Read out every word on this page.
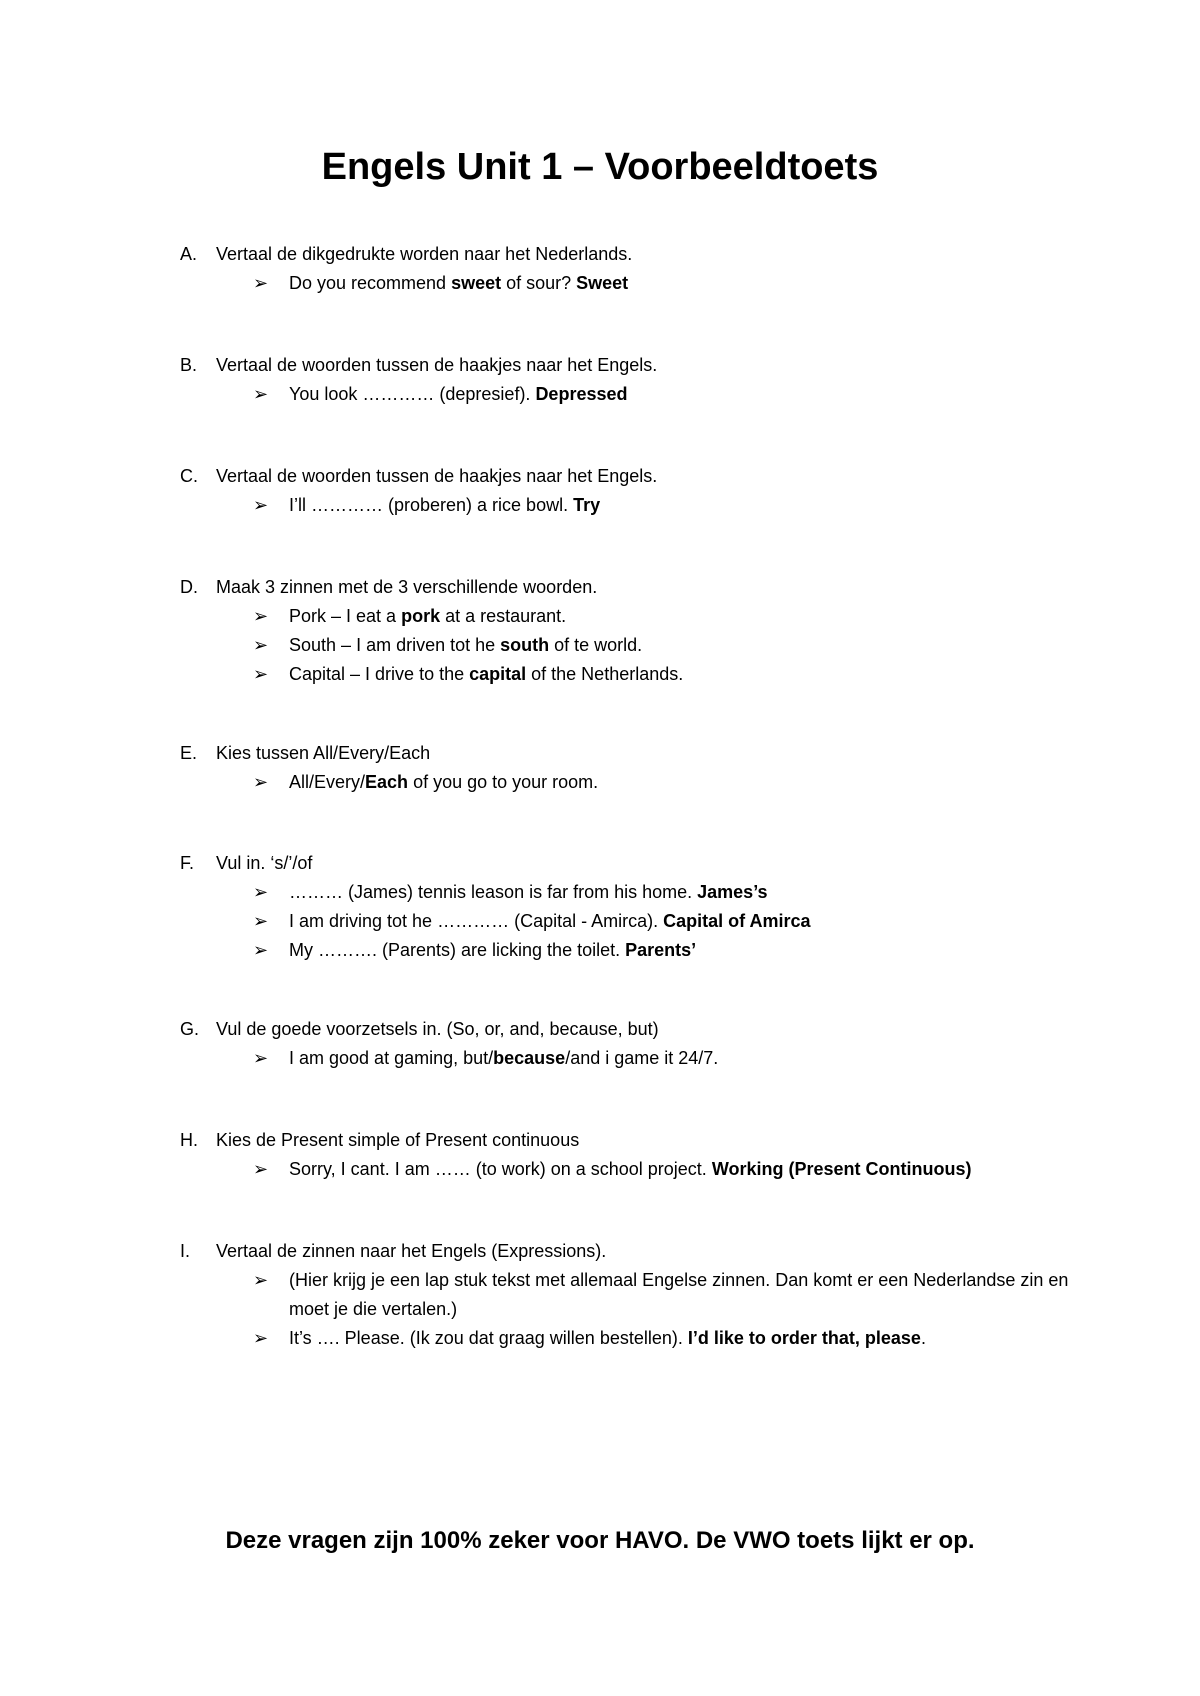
Engels Unit 1 – Voorbeeldtoets
A.	Vertaal de dikgedrukte worden naar het Nederlands.
➢	Do you recommend sweet of sour? Sweet
B.	Vertaal de woorden tussen de haakjes naar het Engels.
➢	You look ………… (depresief). Depressed
C.	Vertaal de woorden tussen de haakjes naar het Engels.
➢	I’ll ………… (proberen) a rice bowl. Try
D.	Maak 3 zinnen met de 3 verschillende woorden.
➢	Pork – I eat a pork at a restaurant.
➢	South – I am driven tot he south of te world.
➢	Capital – I drive to the capital of the Netherlands.
E.	Kies tussen All/Every/Each
➢	All/Every/Each of you go to your room.
F.	Vul in. ‘s/’/of
➢	……… (James) tennis leason is far from his home. James’s
➢	I am driving tot he ………… (Capital - Amirca). Capital of Amirca
➢	My ………. (Parents) are licking the toilet. Parents’
G. Vul de goede voorzetsels in. (So, or, and, because, but)
➢	I am good at gaming, but/because/and i game it 24/7.
H.	Kies de Present simple of Present continuous
➢	Sorry, I cant. I am …… (to work) on a school project. Working (Present Continuous)
I.	Vertaal de zinnen naar het Engels (Expressions).
➢	(Hier krijg je een lap stuk tekst met allemaal Engelse zinnen. Dan komt er een Nederlandse zin en moet je die vertalen.)
➢	It’s …. Please. (Ik zou dat graag willen bestellen). I’d like to order that, please.
Deze vragen zijn 100% zeker voor HAVO. De VWO toets lijkt er op.
